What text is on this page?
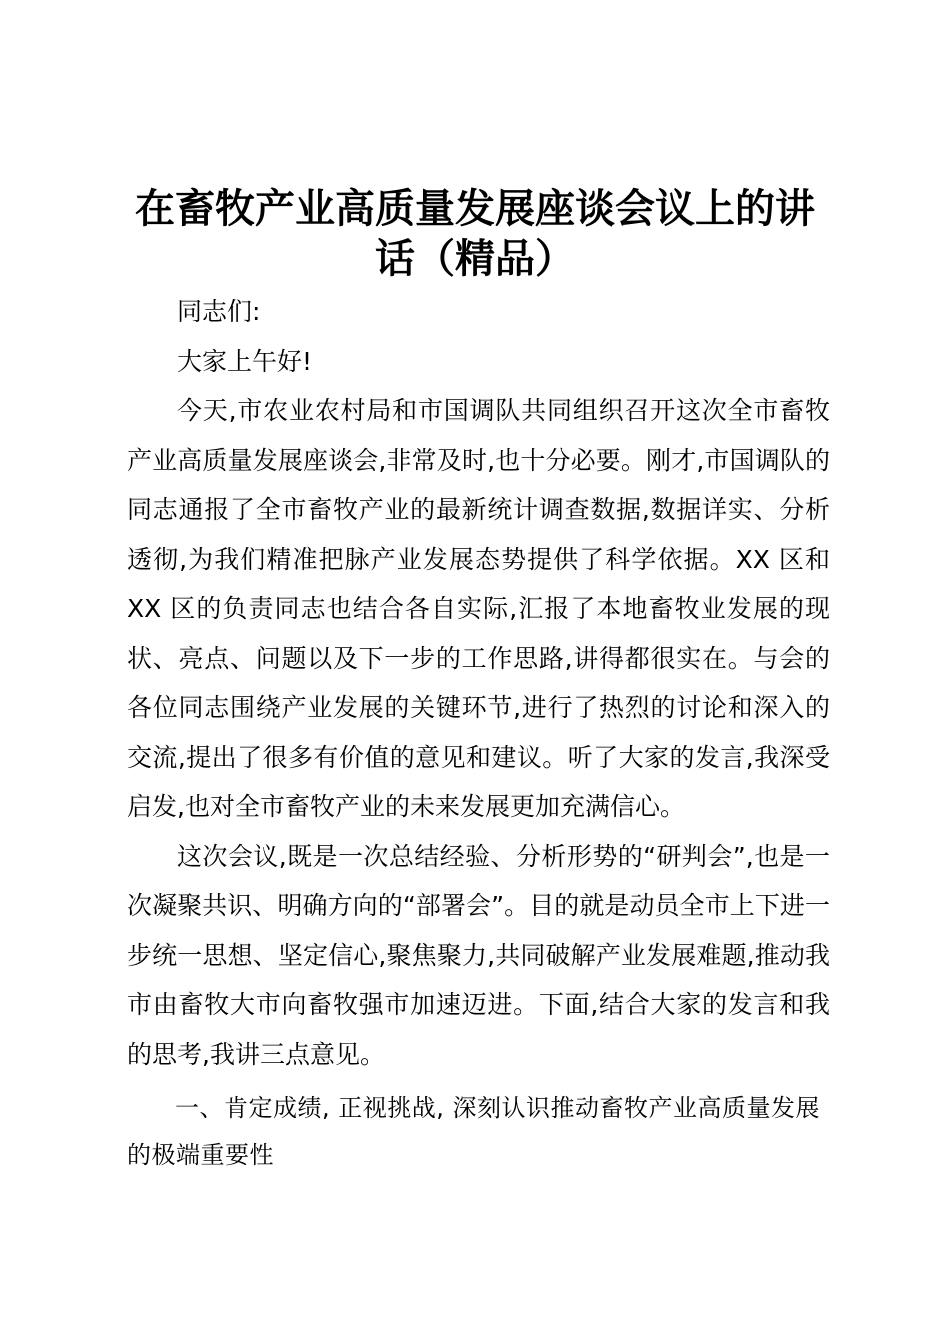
在畜牧产业高质量发展座谈会议上的讲话（精品）

同志们:

大家上午好!

今天,市农业农村局和市国调队共同组织召开这次全市畜牧产业高质量发展座谈会,非常及时,也十分必要。刚才,市国调队的同志通报了全市畜牧产业的最新统计调查数据,数据详实、分析透彻,为我们精准把脉产业发展态势提供了科学依据。XX 区和 XX 区的负责同志也结合各自实际,汇报了本地畜牧业发展的现状、亮点、问题以及下一步的工作思路,讲得都很实在。与会的各位同志围绕产业发展的关键环节,进行了热烈的讨论和深入的交流,提出了很多有价值的意见和建议。听了大家的发言,我深受启发,也对全市畜牧产业的未来发展更加充满信心。

这次会议,既是一次总结经验、分析形势的“研判会”,也是一次凝聚共识、明确方向的“部署会”。目的就是动员全市上下进一步统一思想、坚定信心,聚焦聚力,共同破解产业发展难题,推动我市由畜牧大市向畜牧强市加速迈进。下面,结合大家的发言和我的思考,我讲三点意见。

一、肯定成绩, 正视挑战, 深刻认识推动畜牧产业高质量发展的极端重要性
